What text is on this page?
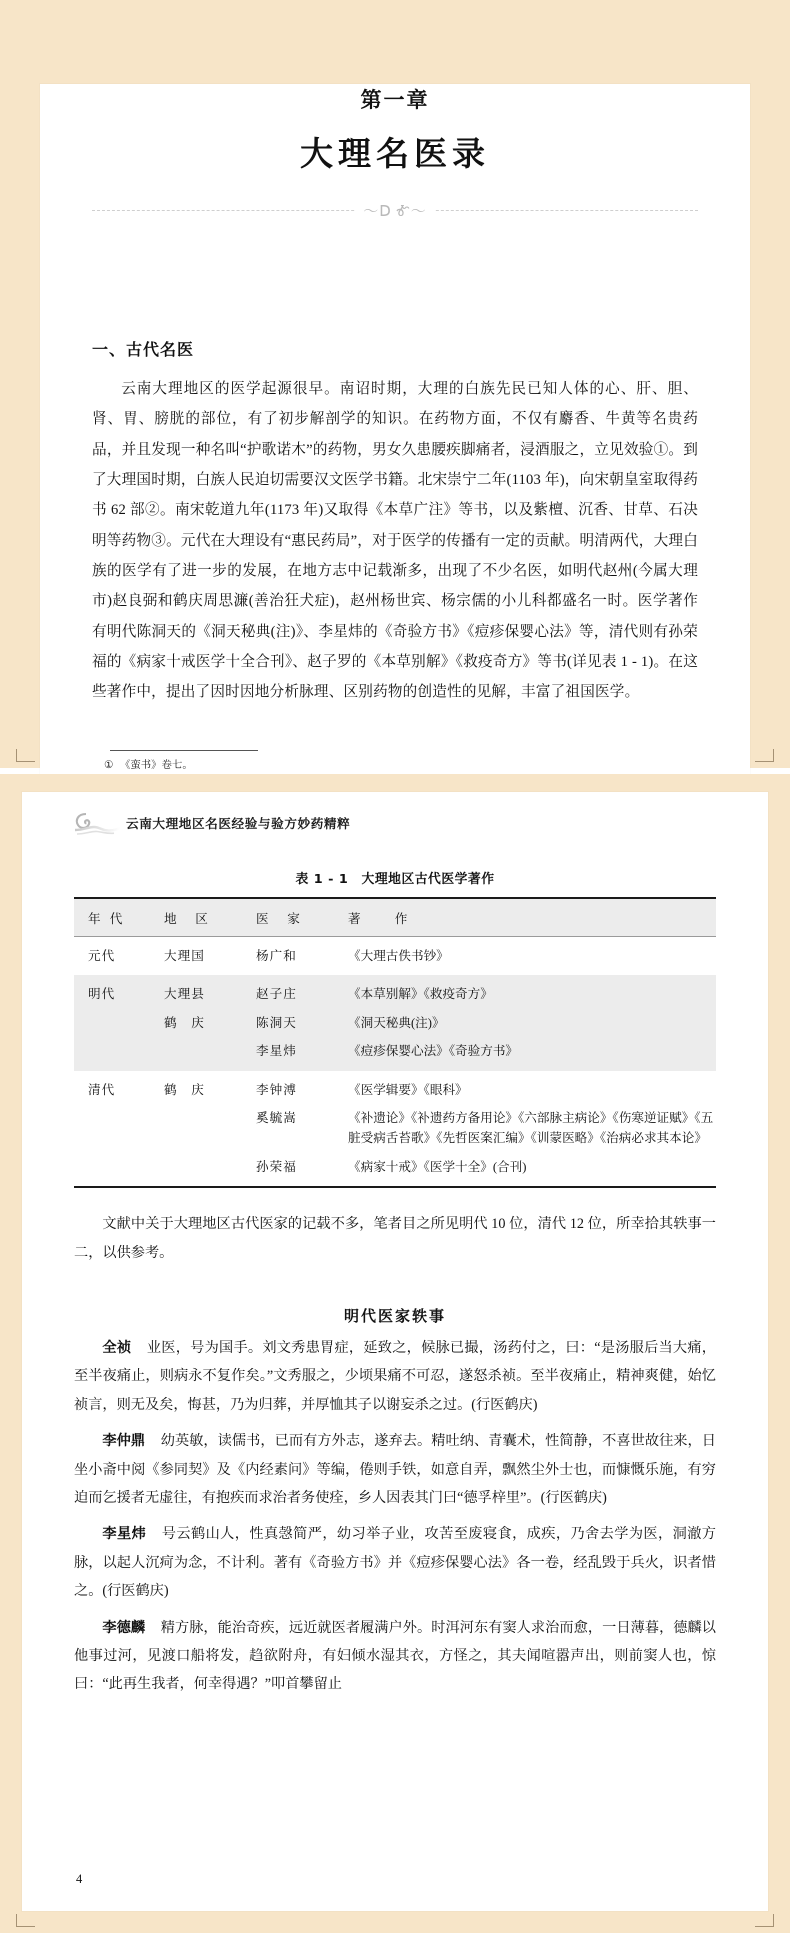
第一章
大理名医录
〜ᗞ Ꮉ〜
一、古代名医

云南大理地区的医学起源很早。南诏时期，大理的白族先民已知人体的心、肝、胆、肾、胃、膀胱的部位，有了初步解剖学的知识。在药物方面，不仅有麝香、牛黄等名贵药品，并且发现一种名叫“护歌诺木”的药物，男女久患腰疾脚痛者，浸酒服之，立见效验①。到了大理国时期，白族人民迫切需要汉文医学书籍。北宋崇宁二年(1103 年)，向宋朝皇室取得药书 62 部②。南宋乾道九年(1173 年)又取得《本草广注》等书，以及紫檀、沉香、甘草、石决明等药物③。元代在大理设有“惠民药局”，对于医学的传播有一定的贡献。明清两代，大理白族的医学有了进一步的发展，在地方志中记载渐多，出现了不少名医，如明代赵州(今属大理市)赵良弼和鹤庆周思濂(善治狂犬症)，赵州杨世宾、杨宗儒的小儿科都盛名一时。医学著作有明代陈洞天的《洞天秘典(注)》、李星炜的《奇验方书》《痘疹保婴心法》等，清代则有孙荣福的《病家十戒医学十全合刊》、赵子罗的《本草别解》《救疫奇方》等书(详见表 1 - 1)。在这些著作中，提出了因时因地分析脉理、区别药物的创造性的见解，丰富了祖国医学。

① 《蛮书》卷七。
云南大理地区名医经验与验方妙药精粹
表 1 - 1　大理地区古代医学著作
年 代	地　区	医　家	著　　作
元代	大理国	杨广和	《大理古佚书钞》
明代	大理县	赵子庄	《本草别解》《救疫奇方》
	鹤　庆	陈洞天	《洞天秘典(注)》
		李星炜	《痘疹保婴心法》《奇验方书》
清代	鹤　庆	李钟溥	《医学辑要》《眼科》
		奚毓嵩	《补遗论》《补遗药方备用论》《六部脉主病论》《伤寒逆证赋》《五脏受病舌苔歌》《先哲医案汇编》《训蒙医略》《治病必求其本论》
		孙荣福	《病家十戒》《医学十全》(合刊)

文献中关于大理地区古代医家的记载不多，笔者目之所见明代 10 位，清代 12 位，所幸拾其轶事一二，以供参考。

明代医家轶事

全祯 业医，号为国手。刘文秀患胃症，延致之，候脉已撮，汤药付之，曰：“是汤服后当大痛，至半夜痛止，则病永不复作矣。”文秀服之，少顷果痛不可忍，遂怒杀祯。至半夜痛止，精神爽健，始忆祯言，则无及矣，悔甚，乃为归葬，并厚恤其子以谢妄杀之过。(行医鹤庆)

李仲鼎 幼英敏，读儒书，已而有方外志，遂弃去。精吐纳、青囊术，性简静，不喜世故往来，日坐小斋中阅《参同契》及《内经素问》等编，倦则手铁，如意自弄，飘然尘外士也，而慷慨乐施，有穷迫而乞援者无虚往，有抱疾而求治者务使痊，乡人因表其门曰“德孚梓里”。(行医鹤庆)

李星炜 号云鹤山人，性真愨简严，幼习举子业，攻苦至废寝食，成疾，乃舍去学为医，洞澈方脉，以起人沉疴为念，不计利。著有《奇验方书》并《痘疹保婴心法》各一卷，经乱毁于兵火，识者惜之。(行医鹤庆)

李德麟 精方脉，能治奇疾，远近就医者履满户外。时洱河东有窦人求治而愈，一日薄暮，德麟以他事过河，见渡口船将发，趋欲附舟，有妇倾水湿其衣，方怪之，其夫闻喧嚣声出，则前窦人也，惊曰：“此再生我者，何幸得遇？”叩首攀留止

4
